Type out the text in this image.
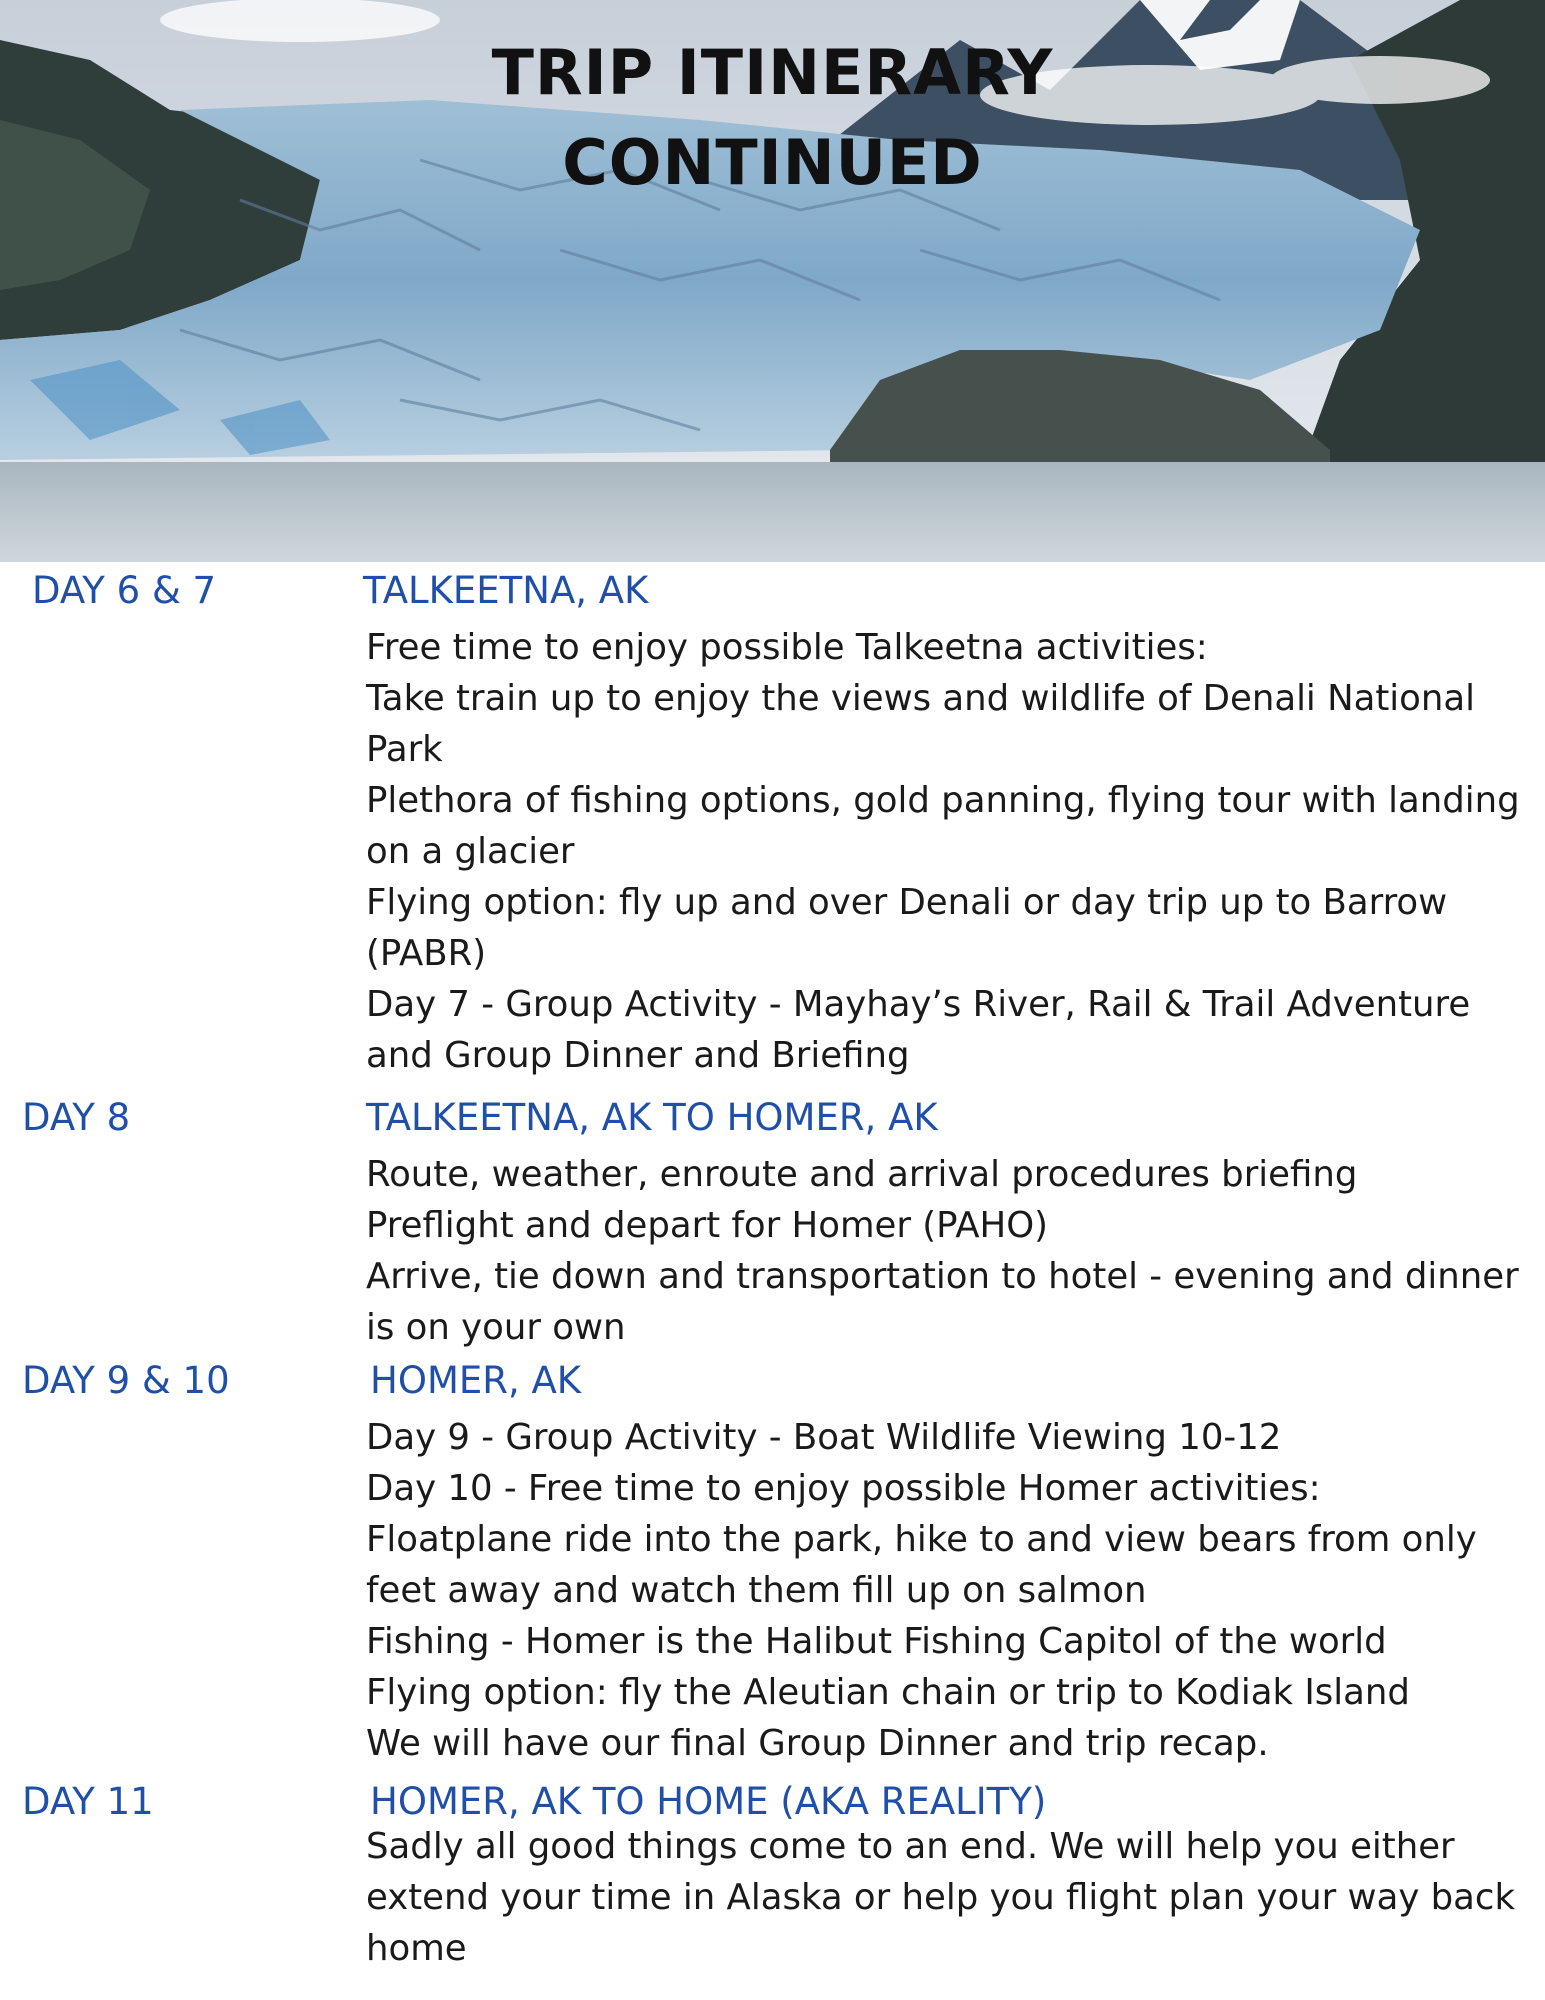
TRIP ITINERARY
CONTINUED

DAY 6 & 7	TALKEETNA, AK

Free time to enjoy possible Talkeetna activities:
Take train up to enjoy the views and wildlife of Denali National Park
Plethora of fishing options, gold panning, flying tour with landing on a glacier
Flying option: fly up and over Denali or day trip up to Barrow (PABR)
Day 7 - Group Activity - Mayhay’s River, Rail & Trail Adventure and Group Dinner and Briefing

DAY 8	TALKEETNA, AK TO HOMER, AK

Route, weather, enroute and arrival procedures briefing
Preflight and depart for Homer (PAHO)
Arrive, tie down and transportation to hotel - evening and dinner is on your own

DAY 9 & 10	HOMER, AK

Day 9 - Group Activity - Boat Wildlife Viewing 10-12
Day 10 - Free time to enjoy possible Homer activities:
Floatplane ride into the park, hike to and view bears from only feet away and watch them fill up on salmon
Fishing - Homer is the Halibut Fishing Capitol of the world
Flying option: fly the Aleutian chain or trip to Kodiak Island
We will have our final Group Dinner and trip recap.

DAY 11	HOMER, AK TO HOME (AKA REALITY)

Sadly all good things come to an end. We will help you either extend your time in Alaska or help you flight plan your way back home
